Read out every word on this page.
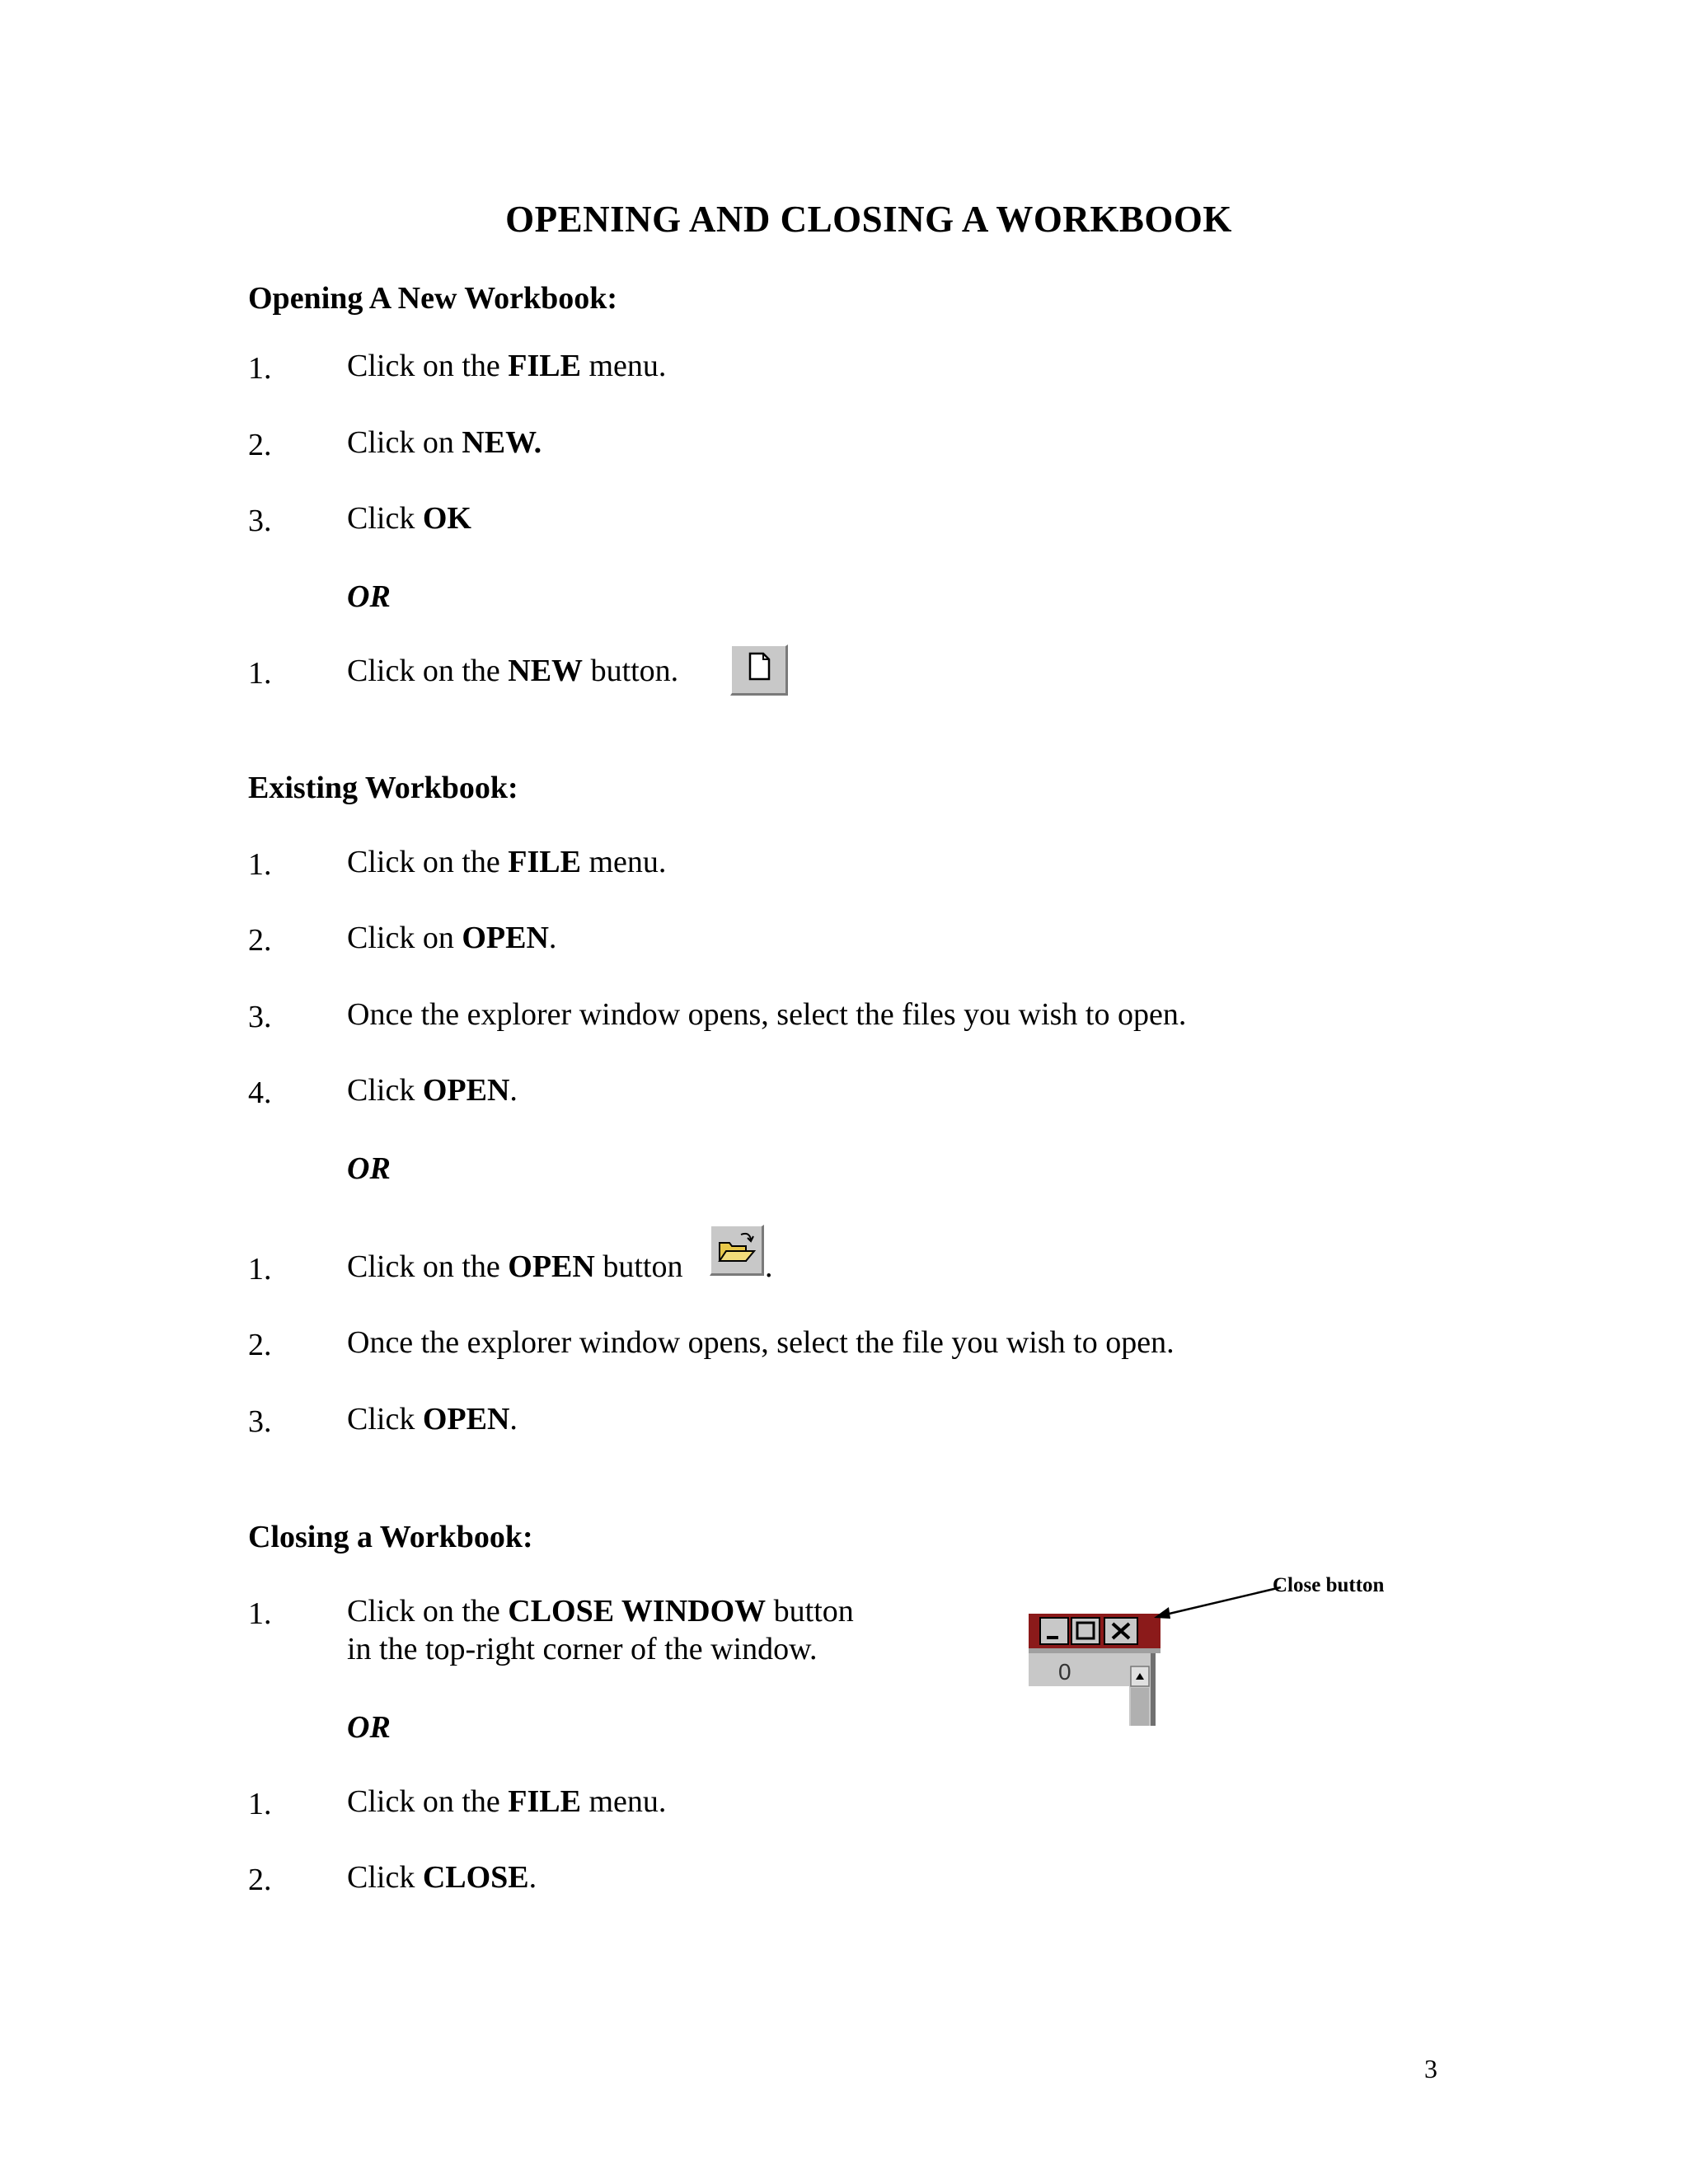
OPENING AND CLOSING A WORKBOOK
Opening A New Workbook:
1. Click on the FILE menu.
2. Click on NEW.
3. Click OK
OR
1. Click on the NEW button.
Existing Workbook:
1. Click on the FILE menu.
2. Click on OPEN.
3. Once the explorer window opens, select the files you wish to open.
4. Click OPEN.
OR
1. Click on the OPEN button	.
2. Once the explorer window opens, select the file you wish to open.
3. Click OPEN.
Closing a Workbook:
1. Click on the CLOSE WINDOW button
in the top-right corner of the window.
OR
1. Click on the FILE menu.
2. Click CLOSE.
0
Close button
3
